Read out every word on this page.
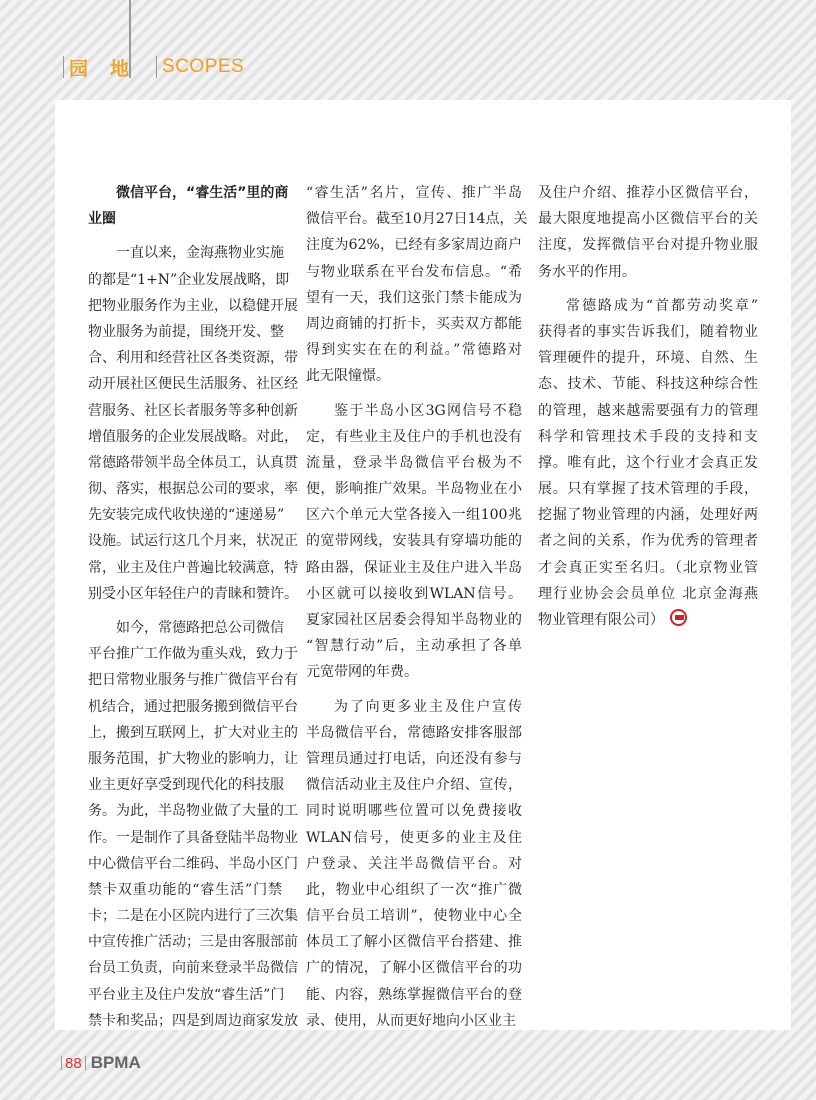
园地 SCOPES
微信平台，“睿生活”里的商
业圈
一直以来，金海燕物业实施
的都是“1+N”企业发展战略，即
把物业服务作为主业，以稳健开展
物业服务为前提，围绕开发、整
合、利用和经营社区各类资源，带
动开展社区便民生活服务、社区经
营服务、社区长者服务等多种创新
增值服务的企业发展战略。对此，
常德路带领半岛全体员工，认真贯
彻、落实，根据总公司的要求，率
先安装完成代收快递的“速递易”
设施。试运行这几个月来，状况正
常，业主及住户普遍比较满意，特
别受小区年轻住户的青睐和赞许。
如今，常德路把总公司微信
平台推广工作做为重头戏，致力于
把日常物业服务与推广微信平台有
机结合，通过把服务搬到微信平台
上，搬到互联网上，扩大对业主的
服务范围，扩大物业的影响力，让
业主更好享受到现代化的科技服
务。为此，半岛物业做了大量的工
作。一是制作了具备登陆半岛物业
中心微信平台二维码、半岛小区门
禁卡双重功能的“睿生活”门禁
卡；二是在小区院内进行了三次集
中宣传推广活动；三是由客服部前
台员工负责，向前来登录半岛微信
平台业主及住户发放“睿生活”门
禁卡和奖品；四是到周边商家发放
“睿生活”名片，宣传、推广半岛
微信平台。截至10月27日14点，关
注度为62%，已经有多家周边商户
与物业联系在平台发布信息。“希
望有一天，我们这张门禁卡能成为
周边商铺的打折卡，买卖双方都能
得到实实在在的利益。”常德路对
此无限憧憬。
鉴于半岛小区3G网信号不稳
定，有些业主及住户的手机也没有
流量，登录半岛微信平台极为不
便，影响推广效果。半岛物业在小
区六个单元大堂各接入一组100兆
的宽带网线，安装具有穿墙功能的
路由器，保证业主及住户进入半岛
小区就可以接收到WLAN信号。
夏家园社区居委会得知半岛物业的
“智慧行动”后，主动承担了各单
元宽带网的年费。
为了向更多业主及住户宣传
半岛微信平台，常德路安排客服部
管理员通过打电话，向还没有参与
微信活动业主及住户介绍、宣传，
同时说明哪些位置可以免费接收
WLAN信号，使更多的业主及住
户登录、关注半岛微信平台。对
此，物业中心组织了一次“推广微
信平台员工培训”，使物业中心全
体员工了解小区微信平台搭建、推
广的情况，了解小区微信平台的功
能、内容，熟练掌握微信平台的登
录、使用，从而更好地向小区业主
及住户介绍、推荐小区微信平台，
最大限度地提高小区微信平台的关
注度，发挥微信平台对提升物业服
务水平的作用。
常德路成为“首都劳动奖章”
获得者的事实告诉我们，随着物业
管理硬件的提升，环境、自然、生
态、技术、节能、科技这种综合性
的管理，越来越需要强有力的管理
科学和管理技术手段的支持和支
撑。唯有此，这个行业才会真正发
展。只有掌握了技术管理的手段，
挖掘了物业管理的内涵，处理好两
者之间的关系，作为优秀的管理者
才会真正实至名归。（北京物业管
理行业协会会员单位 北京金海燕
物业管理有限公司）
88 BPMA
